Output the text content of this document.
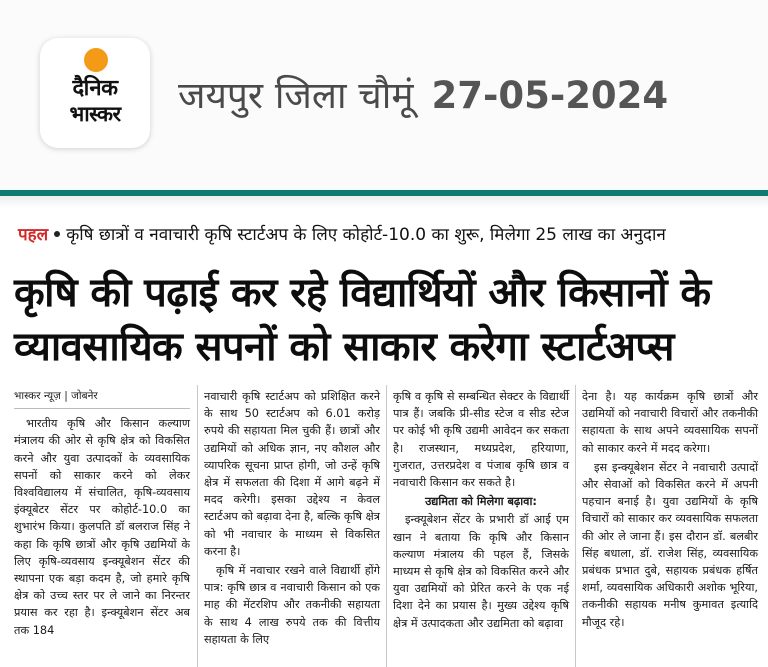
दैनिक
भास्कर	जयपुर जिला चौमूं 27-05-2024
पहल कृषि छात्रों व नवाचारी कृषि स्टार्टअप के लिए कोहोर्ट-10.0 का शुरू, मिलेगा 25 लाख का अनुदान
कृषि की पढ़ाई कर रहे विद्यार्थियों और किसानों के
व्यावसायिक सपनों को साकार करेगा स्टार्टअप्स
भास्कर न्यूज़ | जोबनेर

भारतीय कृषि और किसान कल्याण मंत्रालय की ओर से कृषि क्षेत्र को विकसित करने और युवा उत्पादकों के व्यवसायिक सपनों को साकार करने को लेकर विश्वविद्यालय में संचालित, कृषि-व्यवसाय इंक्यूबेटर सेंटर पर कोहोर्ट-10.0 का शुभारंभ किया। कुलपति डॉ बलराज सिंह ने कहा कि कृषि छात्रों और कृषि उद्यमियों के लिए कृषि-व्यवसाय इन्क्यूबेशन सेंटर की स्थापना एक बड़ा कदम है, जो हमारे कृषि क्षेत्र को उच्च स्तर पर ले जाने का निरन्तर प्रयास कर रहा है। इन्क्यूबेशन सेंटर अब तक 184

नवाचारी कृषि स्टार्टअप को प्रशिक्षित करने के साथ 50 स्टार्टअप को 6.01 करोड़ रुपये की सहायता मिल चुकी हैं। छात्रों और उद्यमियों को अधिक ज्ञान, नए कौशल और व्यापरिक सूचना प्राप्त होगी, जो उन्हें कृषि क्षेत्र में सफलता की दिशा में आगे बढ़ने में मदद करेगी। इसका उद्देश्य न केवल स्टार्टअप को बढ़ावा देना है, बल्कि कृषि क्षेत्र को भी नवाचार के माध्यम से विकसित करना है।

कृषि में नवाचार रखने वाले विद्यार्थी होंगे पात्र: कृषि छात्र व नवाचारी किसान को एक माह की मेंटरशिप और तकनीकी सहायता के साथ 4 लाख रुपये तक की वित्तीय सहायता के लिए

कृषि व कृषि से सम्बन्धित सेक्टर के विद्यार्थी पात्र हैं। जबकि प्री-सीड स्टेज व सीड स्टेज पर कोई भी कृषि उद्यमी आवेदन कर सकता है। राजस्थान, मध्यप्रदेश, हरियाणा, गुजरात, उत्तरप्रदेश व पंजाब कृषि छात्र व नवाचारी किसान कर सकते है।

उद्यमिता को मिलेगा बढ़ावा:

इन्क्यूबेशन सेंटर के प्रभारी डॉ आई एम खान ने बताया कि कृषि और किसान कल्याण मंत्रालय की पहल हैं, जिसके माध्यम से कृषि क्षेत्र को विकसित करने और युवा उद्यमियों को प्रेरित करने के एक नई दिशा देने का प्रयास है। मुख्य उद्देश्य कृषि क्षेत्र में उत्पादकता और उद्यमिता को बढ़ावा

देना है। यह कार्यक्रम कृषि छात्रों और उद्यमियों को नवाचारी विचारों और तकनीकी सहायता के साथ अपने व्यवसायिक सपनों को साकार करने में मदद करेगा।

इस इन्क्यूबेशन सेंटर ने नवाचारी उत्पादों और सेवाओं को विकसित करने में अपनी पहचान बनाई है। युवा उद्यमियों के कृषि विचारों को साकार कर व्यवसायिक सफलता की ओर ले जाना हैं। इस दौरान डॉ. बलबीर सिंह बधाला, डॉ. राजेश सिंह, व्यवसायिक प्रबंधक प्रभात दुबे, सहायक प्रबंधक हर्षित शर्मा, व्यवसायिक अधिकारी अशोक भूरिया, तकनीकी सहायक मनीष कुमावत इत्यादि मौजूद रहे।
